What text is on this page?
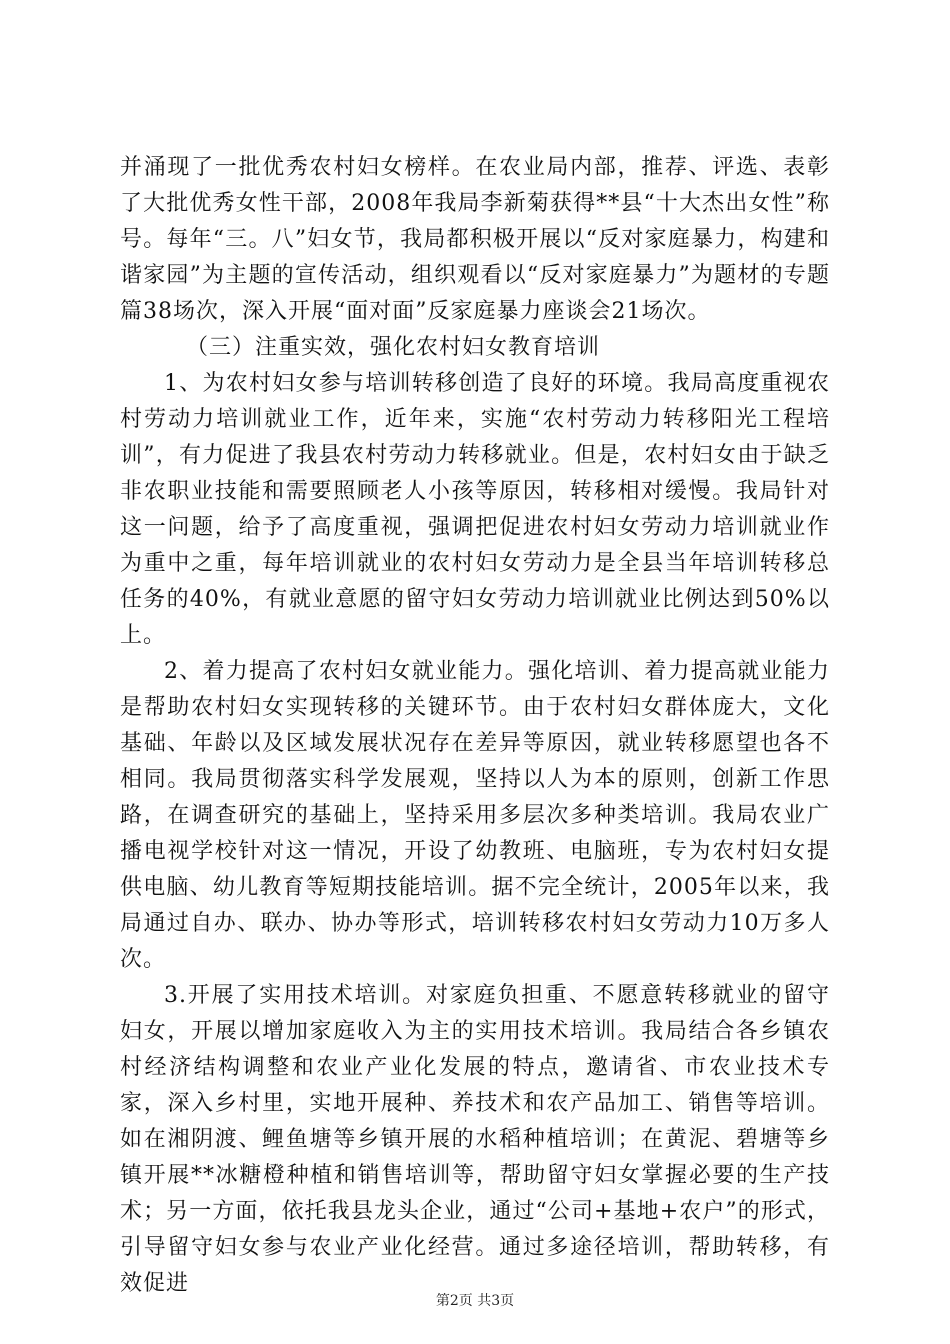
并涌现了一批优秀农村妇女榜样。在农业局内部，推荐、评选、表彰了大批优秀女性干部，2008年我局李新菊获得**县“十大杰出女性”称号。每年“三。八”妇女节，我局都积极开展以“反对家庭暴力，构建和谐家园”为主题的宣传活动，组织观看以“反对家庭暴力”为题材的专题篇38场次，深入开展“面对面”反家庭暴力座谈会21场次。

（三）注重实效，强化农村妇女教育培训

1、为农村妇女参与培训转移创造了良好的环境。我局高度重视农村劳动力培训就业工作，近年来，实施“农村劳动力转移阳光工程培训”，有力促进了我县农村劳动力转移就业。但是，农村妇女由于缺乏非农职业技能和需要照顾老人小孩等原因，转移相对缓慢。我局针对这一问题，给予了高度重视，强调把促进农村妇女劳动力培训就业作为重中之重，每年培训就业的农村妇女劳动力是全县当年培训转移总任务的40%，有就业意愿的留守妇女劳动力培训就业比例达到50%以上。

2、着力提高了农村妇女就业能力。强化培训、着力提高就业能力是帮助农村妇女实现转移的关键环节。由于农村妇女群体庞大，文化基础、年龄以及区域发展状况存在差异等原因，就业转移愿望也各不相同。我局贯彻落实科学发展观，坚持以人为本的原则，创新工作思路，在调查研究的基础上，坚持采用多层次多种类培训。我局农业广播电视学校针对这一情况，开设了幼教班、电脑班，专为农村妇女提供电脑、幼儿教育等短期技能培训。据不完全统计，2005年以来，我局通过自办、联办、协办等形式，培训转移农村妇女劳动力10万多人次。

3.开展了实用技术培训。对家庭负担重、不愿意转移就业的留守妇女，开展以增加家庭收入为主的实用技术培训。我局结合各乡镇农村经济结构调整和农业产业化发展的特点，邀请省、市农业技术专家，深入乡村里，实地开展种、养技术和农产品加工、销售等培训。如在湘阴渡、鲤鱼塘等乡镇开展的水稻种植培训；在黄泥、碧塘等乡镇开展**冰糖橙种植和销售培训等，帮助留守妇女掌握必要的生产技术；另一方面，依托我县龙头企业，通过“公司+基地+农户”的形式，引导留守妇女参与农业产业化经营。通过多途径培训，帮助转移，有效促进

第2页 共3页
